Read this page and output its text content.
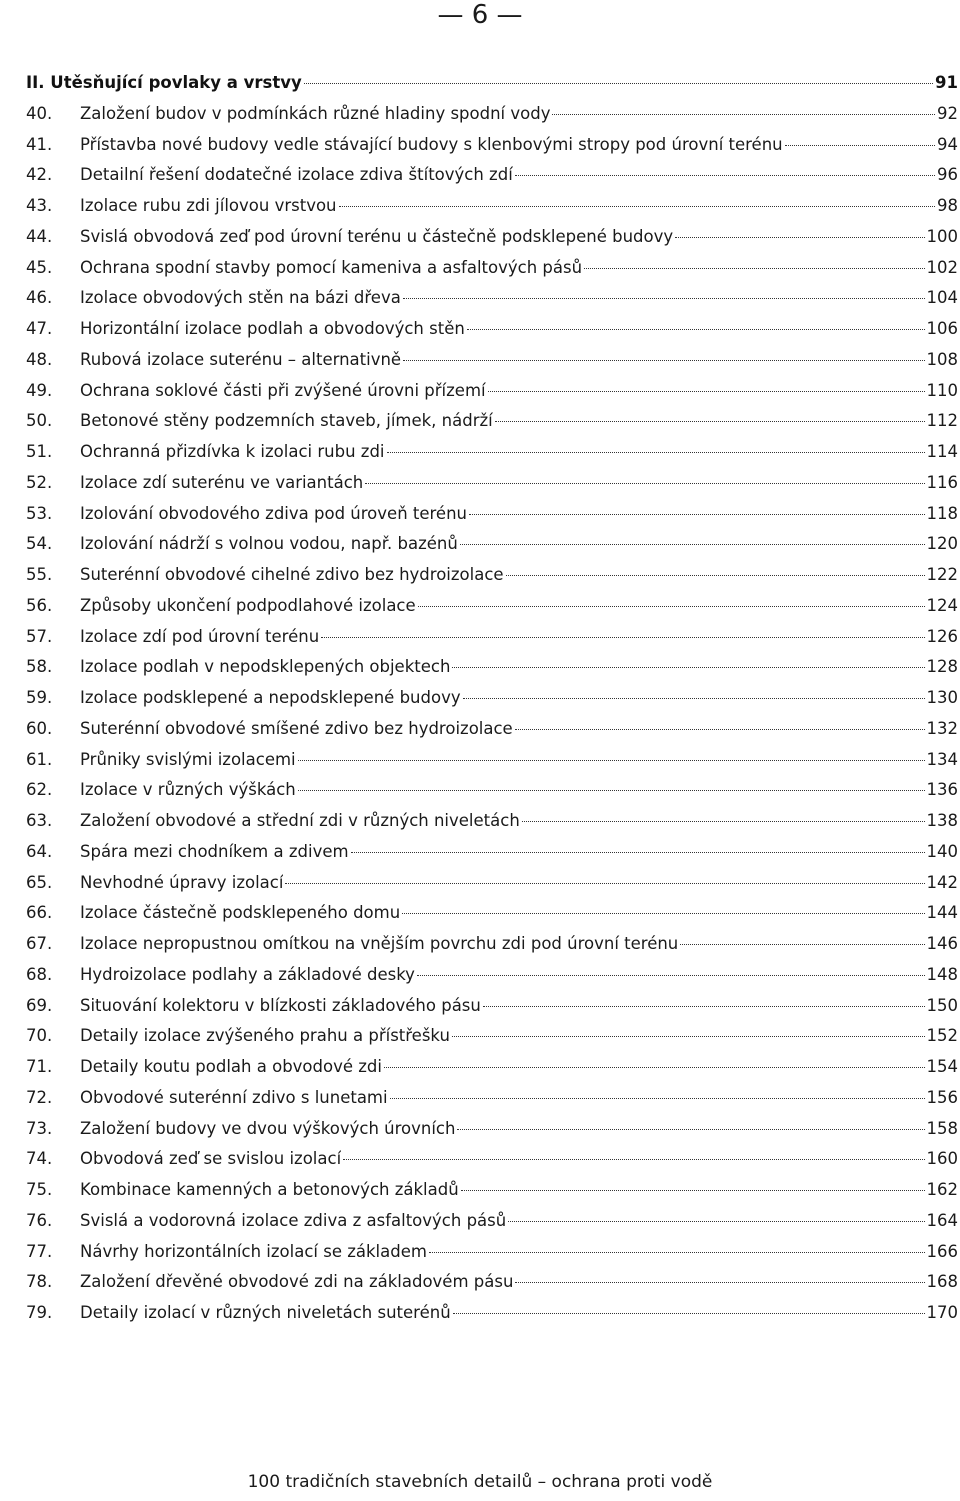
— 6 —
II. Utěsňující povlaky a vrstvy	91
40.	Založení budov v podmínkách různé hladiny spodní vody	92
41.	Přístavba nové budovy vedle stávající budovy s klenbovými stropy pod úrovní terénu	94
42.	Detailní řešení dodatečné izolace zdiva štítových zdí	96
43.	Izolace rubu zdi jílovou vrstvou	98
44.	Svislá obvodová zeď pod úrovní terénu u částečně podsklepené budovy	100
45.	Ochrana spodní stavby pomocí kameniva a asfaltových pásů	102
46.	Izolace obvodových stěn na bázi dřeva	104
47.	Horizontální izolace podlah a obvodových stěn	106
48.	Rubová izolace suterénu – alternativně	108
49.	Ochrana soklové části při zvýšené úrovni přízemí	110
50.	Betonové stěny podzemních staveb, jímek, nádrží	112
51.	Ochranná přizdívka k izolaci rubu zdi	114
52.	Izolace zdí suterénu ve variantách	116
53.	Izolování obvodového zdiva pod úroveň terénu	118
54.	Izolování nádrží s volnou vodou, např. bazénů	120
55.	Suterénní obvodové cihelné zdivo bez hydroizolace	122
56.	Způsoby ukončení podpodlahové izolace	124
57.	Izolace zdí pod úrovní terénu	126
58.	Izolace podlah v nepodsklepených objektech	128
59.	Izolace podsklepené a nepodsklepené budovy	130
60.	Suterénní obvodové smíšené zdivo bez hydroizolace	132
61.	Průniky svislými izolacemi	134
62.	Izolace v různých výškách	136
63.	Založení obvodové a střední zdi v různých niveletách	138
64.	Spára mezi chodníkem a zdivem	140
65.	Nevhodné úpravy izolací	142
66.	Izolace částečně podsklepeného domu	144
67.	Izolace nepropustnou omítkou na vnějším povrchu zdi pod úrovní terénu	146
68.	Hydroizolace podlahy a základové desky	148
69.	Situování kolektoru v blízkosti základového pásu	150
70.	Detaily izolace zvýšeného prahu a přístřešku	152
71.	Detaily koutu podlah a obvodové zdi	154
72.	Obvodové suterénní zdivo s lunetami	156
73.	Založení budovy ve dvou výškových úrovních	158
74.	Obvodová zeď se svislou izolací	160
75.	Kombinace kamenných a betonových základů	162
76.	Svislá a vodorovná izolace zdiva z asfaltových pásů	164
77.	Návrhy horizontálních izolací se základem	166
78.	Založení dřevěné obvodové zdi na základovém pásu	168
79.	Detaily izolací v různých niveletách suterénů	170
100 tradičních stavebních detailů – ochrana proti vodě
